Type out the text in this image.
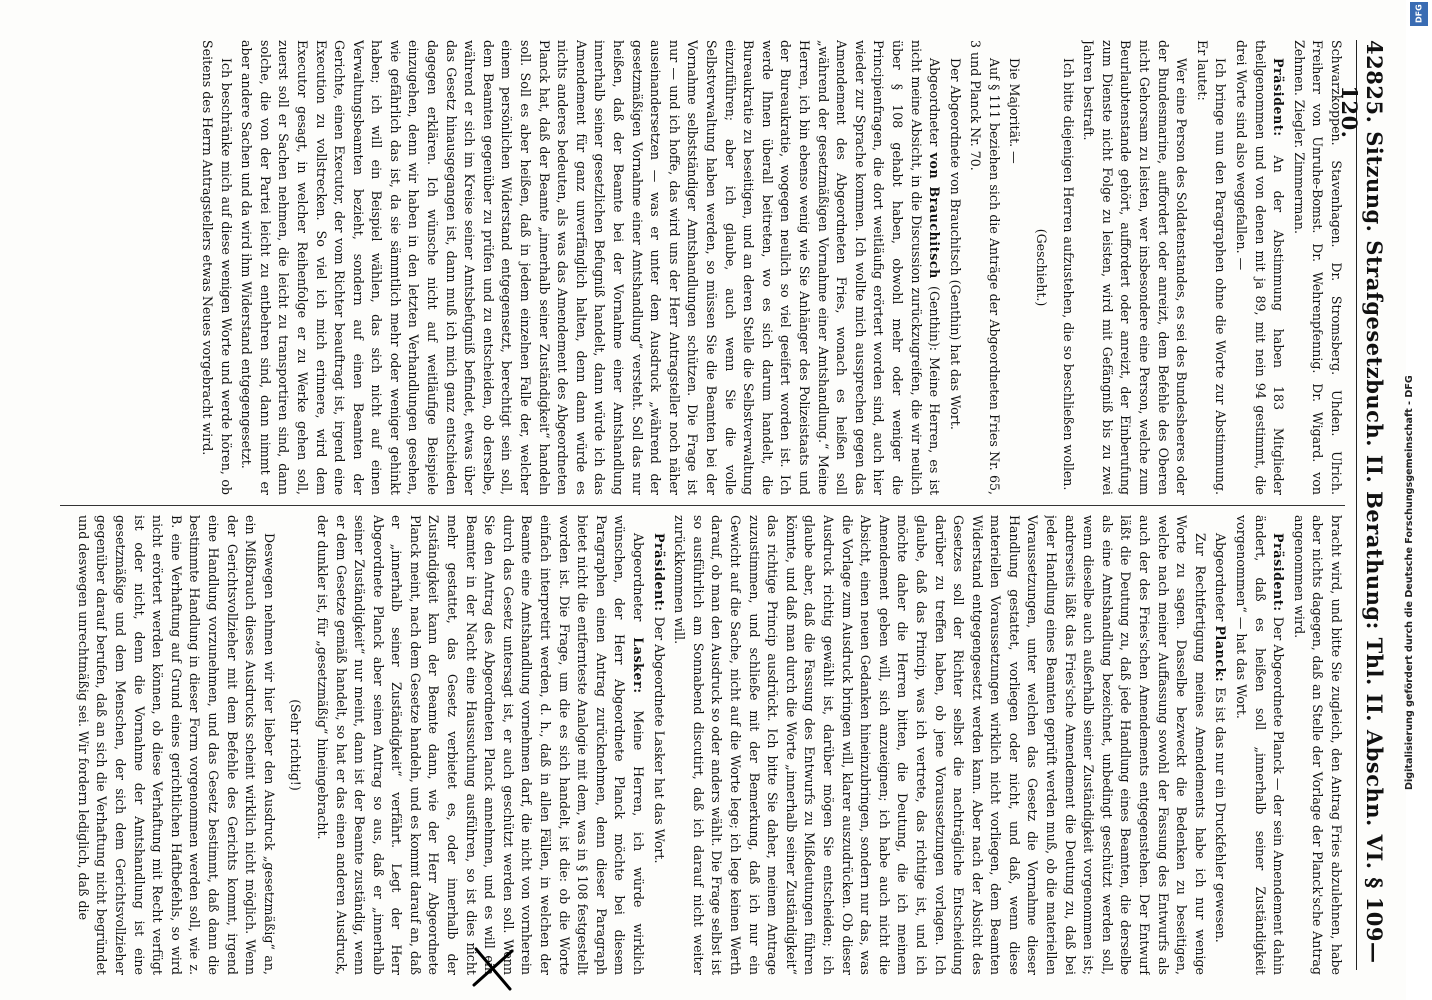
428
25. Sitzung. Strafgesetzbuch. II. Berathung: Thl. II. Abschn. VI. § 109—120.

Schwarzkoppen. Stavenhagen. Dr. Stromsberg. Uhden. Ulrich. Freiherr von Unruhe-Bomst. Dr. Wehrenpfennig. Dr. Wigard. von Zehmen. Ziegler. Zimmerman.

Präsident: An der Abstimmung haben 183 Mitglieder theilgenommen und von denen mit ja 89, mit nein 94 gestimmt, die drei Worte sind also weggefallen. —

Ich bringe nun den Paragraphen ohne die Worte zur Abstimmung. Er lautet:

Wer eine Person des Soldatenstandes, es sei des Bundesheeres oder der Bundesmarine, auffordert oder anreizt, dem Befehle des Oberen nicht Gehorsam zu leisten, wer insbesondere eine Person, welche zum Beurlaubtenstande gehört, auffordert oder anreizt, der Einberufung zum Dienste nicht Folge zu leisten, wird mit Gefängniß bis zu zwei Jahren bestraft.

Ich bitte diejenigen Herren aufzustehen, die so beschließen wollen.

(Geschieht.)

Die Majorität. —

Auf § 111 beziehen sich die Anträge der Abgeordneten Fries Nr. 65, 3 und Planck Nr. 70.

Der Abgeordnete von Brauchitsch (Genthin) hat das Wort.

Abgeordneter von Brauchitsch (Genthin): Meine Herren, es ist nicht meine Absicht, in die Discussion zurückzugreifen, die wir neulich über § 108 gehabt haben, obwohl mehr oder weniger die Principienfragen, die dort weitläufig erörtert worden sind, auch hier wieder zur Sprache kommen. Ich wollte mich aussprechen gegen das Amendement des Abgeordneten Fries, wonach es heißen soll „während der gesetzmäßigen Vornahme einer Amtshandlung.“ Meine Herren, ich bin ebenso wenig wie Sie Anhänger des Polizeistaats und der Bureaukratie, wogegen neulich so viel geeifert worden ist. Ich werde Ihnen überall beitreten, wo es sich darum handelt, die Bureaukratie zu beseitigen, und an deren Stelle die Selbstverwaltung einzuführen; aber ich glaube, auch wenn Sie die volle Selbstverwaltung haben werden, so müssen Sie die Beamten bei der Vornahme selbstständiger Amtshandlungen schützen. Die Frage ist nur — und ich hoffe, das wird uns der Herr Antragsteller noch näher auseinandersetzen — was er unter dem Ausdruck „während der gesetzmäßigen Vornahme einer Amtshandlung“ versteht. Soll das nur heißen, daß der Beamte bei der Vornahme einer Amtshandlung innerhalb seiner gesetzlichen Befugniß handelt, dann würde ich das Amendement für ganz unverfänglich halten, denn dann würde es nichts anderes bedeuten, als was das Amendement des Abgeordneten Planck hat, daß der Beamte „innerhalb seiner Zuständigkeit“ handeln soll. Soll es aber heißen, daß in jedem einzelnen Falle der, welcher einem persönlichen Widerstand entgegensetzt, berechtigt sein soll, dem Beamten gegenüber zu prüfen und zu entscheiden, ob derselbe, während er sich im Kreise seiner Amtsbefugniß befindet, etwas über das Gesetz hinausgegangen ist, dann muß ich mich ganz entschieden dagegen erklären. Ich wünsche nicht auf weitläufige Beispiele einzugehen, denn wir haben in den letzten Verhandlungen gesehen, wie gefährlich das ist, da sie sämmtlich mehr oder weniger gehinkt haben; ich will ein Beispiel wählen, das sich nicht auf einen Verwaltungsbeamten bezieht, sondern auf einen Beamten der Gerichte, einen Executor, der vom Richter beauftragt ist, irgend eine Execution zu vollstrecken. So viel ich mich erinnere, wird dem Executor gesagt, in welcher Reihenfolge er zu Werke gehen soll, zuerst soll er Sachen nehmen, die leicht zu transportiren sind, dann solche, die von der Partei leicht zu entbehren sind, dann nimmt er aber andere Sachen und da wird ihm Widerstand entgegengesetzt.

Ich beschränke mich auf diese wenigen Worte und werde hören, ob Seitens des Herrn Antragstellers etwas Neues vorgebracht wird.

bracht wird, und bitte Sie zugleich, den Antrag Fries abzulehnen, habe aber nichts dagegen, daß an Stelle der Vorlage der Planck'sche Antrag angenommen wird.

Präsident: Der Abgeordnete Planck — der sein Amendement dahin ändert, daß es heißen soll „innerhalb seiner Zuständigkeit vorgenommen“ — hat das Wort.

Abgeordneter Planck: Es ist das nur ein Druckfehler gewesen.

Zur Rechtfertigung meines Amendements habe ich nur wenige Worte zu sagen. Dasselbe bezweckt die Bedenken zu beseitigen, welche nach meiner Auffassung sowohl der Fassung des Entwurfs als auch der des Fries'schen Amendements entgegenstehen. Der Entwurf läßt die Deutung zu, daß jede Handlung eines Beamten, die derselbe als eine Amtshandlung bezeichnet, unbedingt geschützt werden soll, wenn dieselbe auch außerhalb seiner Zuständigkeit vorgenommen ist; andrerseits läßt das Fries'sche Amendement die Deutung zu, daß bei jeder Handlung eines Beamten geprüft werden muß, ob die materiellen Voraussetzungen, unter welchen das Gesetz die Vornahme dieser Handlung gestattet, vorliegen oder nicht, und daß, wenn diese materiellen Voraussetzungen wirklich nicht vorliegen, dem Beamten Widerstand entgegengesetzt werden kann. Aber nach der Absicht des Gesetzes soll der Richter selbst die nachträgliche Entscheidung darüber zu treffen haben, ob jene Voraussetzungen vorlagen. Ich glaube, daß das Princip, was ich vertrete, das richtige ist, und ich möchte daher die Herren bitten, die Deutung, die ich meinem Amendement geben will, sich anzueignen; ich habe auch nicht die Absicht, einen neuen Gedanken hineinzubringen, sondern nur das, was die Vorlage zum Ausdruck bringen will, klarer auszudrücken. Ob dieser Ausdruck richtig gewählt ist, darüber mögen Sie entscheiden; ich glaube aber, daß die Fassung des Entwurfs zu Mißdeutungen führen könnte, und daß man durch die Worte „innerhalb seiner Zuständigkeit“ das richtige Princip ausdrückt. Ich bitte Sie daher, meinem Antrage zuzustimmen, und schließe mit der Bemerkung, daß ich nur ein Gewicht auf die Sache, nicht auf die Worte lege; ich lege keinen Werth darauf, ob man den Ausdruck so oder anders wählt. Die Frage selbst ist so ausführlich am Sonnabend discutirt, daß ich darauf nicht weiter zurückkommen will.

Präsident: Der Abgeordnete Lasker hat das Wort.

Abgeordneter Lasker: Meine Herren, ich würde wirklich wünschen, der Herr Abgeordnete Planck möchte bei diesem Paragraphen einen Antrag zurücknehmen, denn dieser Paragraph bietet nicht die entfernteste Analogie mit dem, was in § 108 festgestellt worden ist. Die Frage, um die es sich handelt, ist die: ob die Worte einfach interpretirt werden, d. h., daß in allen Fällen, in welchen der Beamte eine Amtshandlung vornehmen darf, die nicht von vornherein durch das Gesetz untersagt ist, er auch geschützt werden soll. Wenn Sie den Antrag des Abgeordneten Planck annehmen, und es will ein Beamter in der Nacht eine Haussuchung ausführen, so ist dies nicht mehr gestattet, das Gesetz verbietet es, oder innerhalb der Zuständigkeit kann der Beamte dann, wie der Herr Abgeordnete Planck meint, nach dem Gesetze handeln, und es kommt darauf an, daß er „innerhalb seiner Zuständigkeit“ verfährt. Legt der Herr Abgeordnete Planck aber seinen Antrag so aus, daß er „innerhalb seiner Zuständigkeit“ nur meint, dann ist der Beamte zuständig, wenn er dem Gesetze gemäß handelt, so hat er das einen anderen Ausdruck, der dunkler ist, für „gesetzmäßig“ hineingebracht.

(Sehr richtig!)

Deswegen nehmen wir hier lieber den Ausdruck „gesetzmäßig“ an, ein Mißbrauch dieses Ausdrucks scheint wirklich nicht möglich. Wenn der Gerichtsvollzieher mit dem Befehle des Gerichts kommt, irgend eine Handlung vorzunehmen, und das Gesetz bestimmt, daß dann die bestimmte Handlung in dieser Form vorgenommen werden soll, wie z. B. eine Verhaftung auf Grund eines gerichtlichen Haftbefehls, so wird nicht erörtert werden können, ob diese Verhaftung mit Recht verfügt ist oder nicht, denn die Vornahme der Amtshandlung ist eine gesetzmäßige und dem Menschen, der sich dem Gerichtsvollzieher gegenüber darauf berufen, daß an sich die Verhaftung nicht begründet und deswegen unrechtmäßig sei. Wir fordern lediglich, daß die

DFG
Digitalisierung gefördert durch die Deutsche Forschungsgemeinschaft - DFG
